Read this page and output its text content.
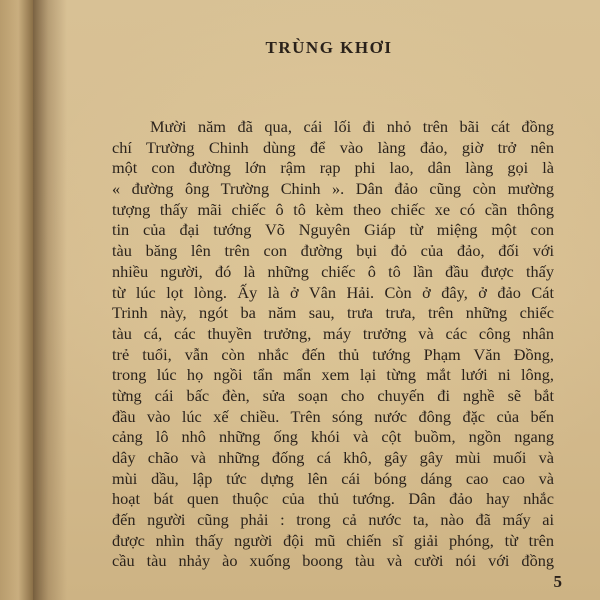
TRÙNG KHƠI
Mười năm đã qua, cái lối đi nhỏ trên bãi cát đồng
chí Trường Chinh dùng để vào làng đảo, giờ trở nên
một con đường lớn rậm rạp phi lao, dân làng gọi là
« đường ông Trường Chinh ». Dân đảo cũng còn mường
tượng thấy mãi chiếc ô tô kèm theo chiếc xe có cần thông
tin của đại tướng Võ Nguyên Giáp từ miệng một con
tàu băng lên trên con đường bụi đỏ của đảo, đối với
nhiều người, đó là những chiếc ô tô lần đầu được thấy
từ lúc lọt lòng. Ấy là ở Vân Hải. Còn ở đây, ở đảo Cát
Trinh này, ngót ba năm sau, trưa trưa, trên những chiếc
tàu cá, các thuyền trưởng, máy trưởng và các công nhân
trẻ tuổi, vẫn còn nhắc đến thủ tướng Phạm Văn Đồng,
trong lúc họ ngồi tẩn mẩn xem lại từng mắt lưới ni lông,
từng cái bấc đèn, sửa soạn cho chuyến đi nghề sẽ bắt
đầu vào lúc xế chiều. Trên sóng nước đông đặc của bến
cảng lô nhô những ống khói và cột buồm, ngồn ngang
dây chão và những đống cá khô, gây gây mùi muối và
mùi dầu, lập tức dựng lên cái bóng dáng cao cao và
hoạt bát quen thuộc của thủ tướng. Dân đảo hay nhắc
đến người cũng phải : trong cả nước ta, nào đã mấy ai
được nhìn thấy người đội mũ chiến sĩ giải phóng, từ trên
cầu tàu nhảy ào xuống boong tàu và cười nói với đồng
5
